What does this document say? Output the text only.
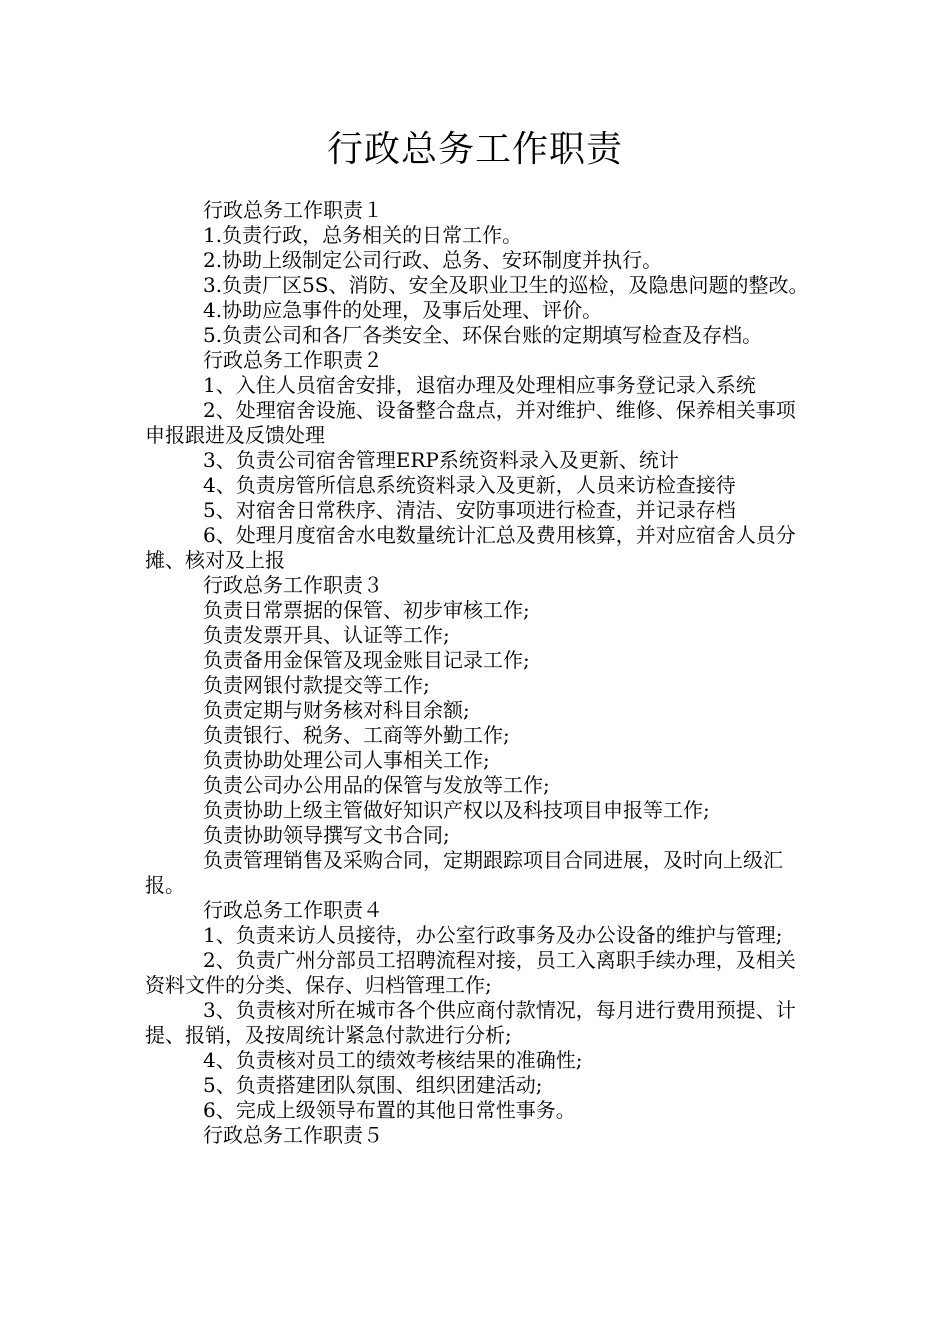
行政总务工作职责

行政总务工作职责１

1.负责行政，总务相关的日常工作。

2.协助上级制定公司行政、总务、安环制度并执行。

3.负责厂区5S、消防、安全及职业卫生的巡检，及隐患问题的整改。

4.协助应急事件的处理，及事后处理、评价。

5.负责公司和各厂各类安全、环保台账的定期填写检查及存档。

行政总务工作职责２

1、入住人员宿舍安排，退宿办理及处理相应事务登记录入系统

2、处理宿舍设施、设备整合盘点，并对维护、维修、保养相关事项申报跟进及反馈处理

3、负责公司宿舍管理ERP系统资料录入及更新、统计

4、负责房管所信息系统资料录入及更新，人员来访检查接待

5、对宿舍日常秩序、清洁、安防事项进行检查，并记录存档

6、处理月度宿舍水电数量统计汇总及费用核算，并对应宿舍人员分摊、核对及上报

行政总务工作职责３

负责日常票据的保管、初步审核工作;

负责发票开具、认证等工作;

负责备用金保管及现金账目记录工作;

负责网银付款提交等工作;

负责定期与财务核对科目余额;

负责银行、税务、工商等外勤工作;

负责协助处理公司人事相关工作;

负责公司办公用品的保管与发放等工作;

负责协助上级主管做好知识产权以及科技项目申报等工作;

负责协助领导撰写文书合同;

负责管理销售及采购合同，定期跟踪项目合同进展，及时向上级汇报。

行政总务工作职责４

1、负责来访人员接待，办公室行政事务及办公设备的维护与管理;

2、负责广州分部员工招聘流程对接，员工入离职手续办理，及相关资料文件的分类、保存、归档管理工作;

3、负责核对所在城市各个供应商付款情况，每月进行费用预提、计提、报销，及按周统计紧急付款进行分析;

4、负责核对员工的绩效考核结果的准确性;

5、负责搭建团队氛围、组织团建活动;

6、完成上级领导布置的其他日常性事务。

行政总务工作职责５
